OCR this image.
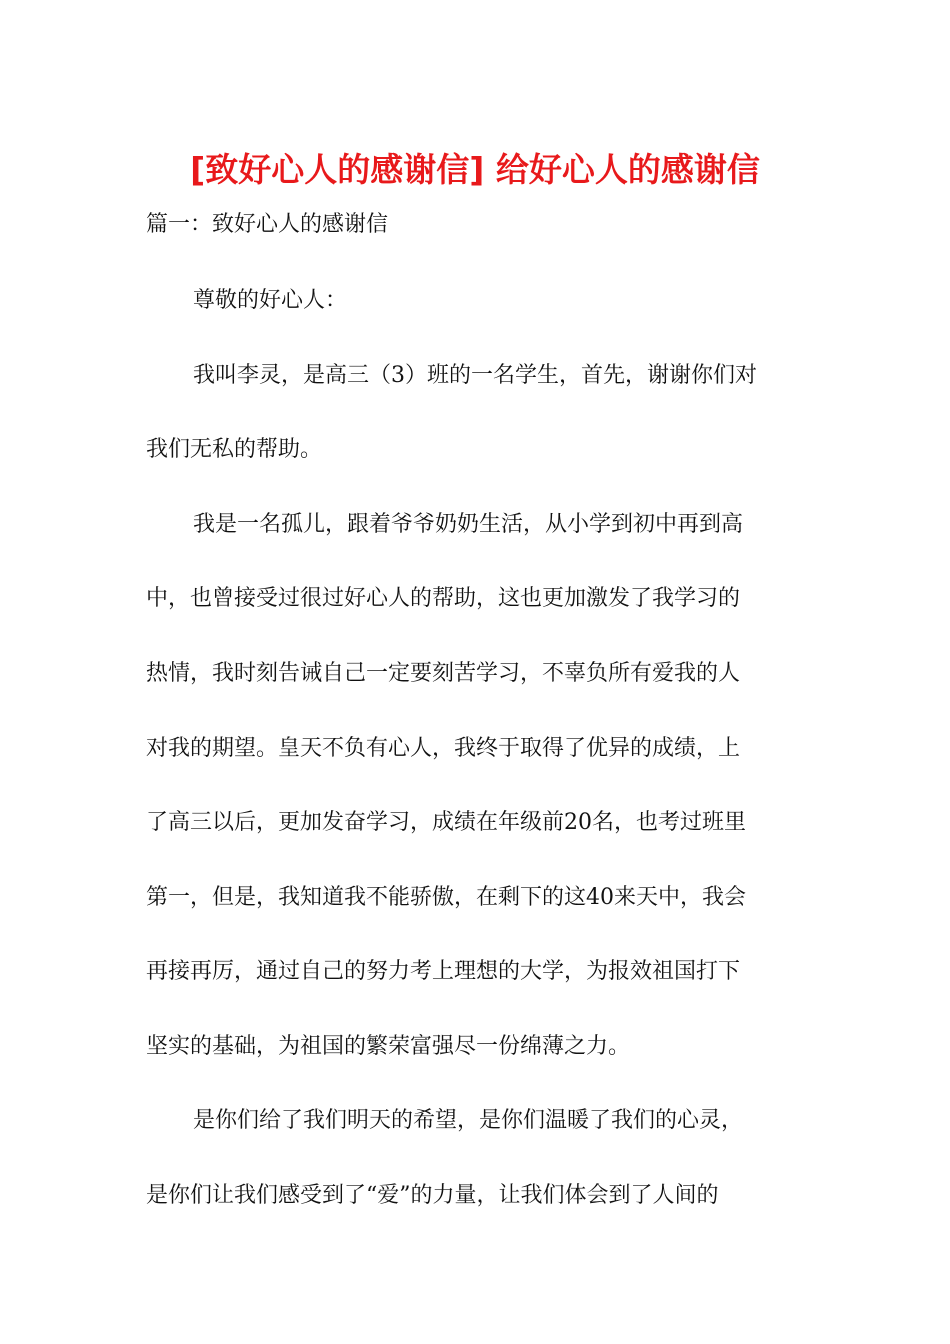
[致好心人的感谢信] 给好心人的感谢信
篇一：致好心人的感谢信
尊敬的好心人：
我叫李灵，是高三（3）班的一名学生，首先，谢谢你们对
我们无私的帮助。
我是一名孤儿，跟着爷爷奶奶生活，从小学到初中再到高
中，也曾接受过很过好心人的帮助，这也更加激发了我学习的
热情，我时刻告诫自己一定要刻苦学习，不辜负所有爱我的人
对我的期望。皇天不负有心人，我终于取得了优异的成绩，上
了高三以后，更加发奋学习，成绩在年级前20名，也考过班里
第一，但是，我知道我不能骄傲，在剩下的这40来天中，我会
再接再厉，通过自己的努力考上理想的大学，为报效祖国打下
坚实的基础，为祖国的繁荣富强尽一份绵薄之力。
是你们给了我们明天的希望，是你们温暖了我们的心灵，
是你们让我们感受到了“爱”的力量，让我们体会到了人间的
